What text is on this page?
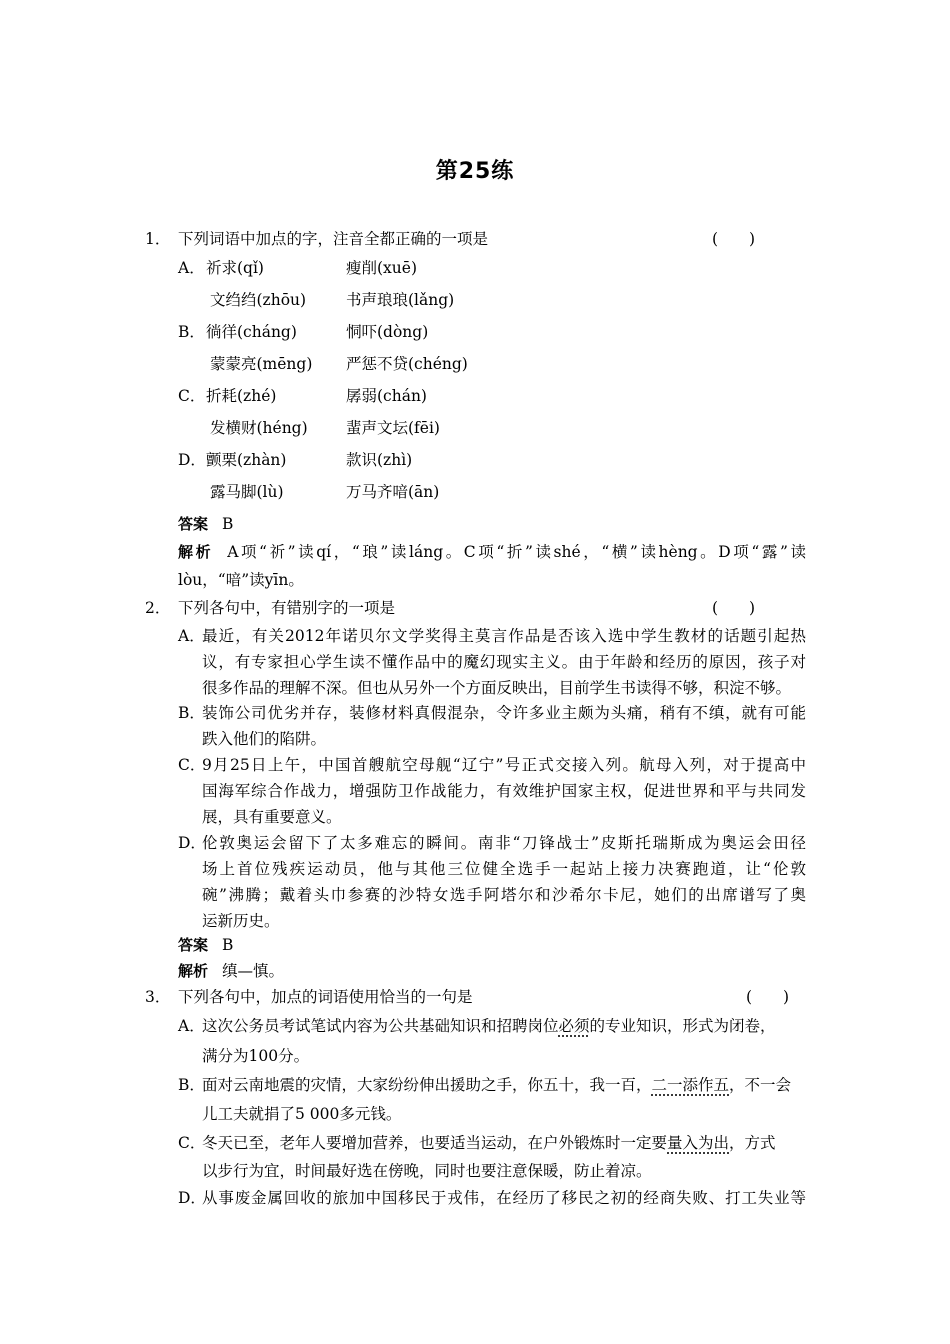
第25练
1． 下列词语中加点的字，注音全都正确的一项是	(　　)
A． 祈求(qǐ)	瘦削(xuē)
文绉绉(zhōu)	书声琅琅(lǎng)
B． 徜徉(cháng)	恫吓(dòng)
蒙蒙亮(mēng) 严惩不贷(chéng)
C． 折耗(zhé)	孱弱(chán)
发横财(héng) 蜚声文坛(fēi)
D． 颤栗(zhàn)	款识(zhì)
露马脚(lù)	万马齐喑(ān)
答案 B
解析 A项“祈”读qí，“琅”读láng。C项“折”读shé，“横”读hèng。D项“露”读
lòu，“喑”读yīn。
2． 下列各句中，有错别字的一项是	(　　)
A．
最近，有关2012年诺贝尔文学奖得主莫言作品是否该入选中学生教材的话题引起热
议，有专家担心学生读不懂作品中的魔幻现实主义。由于年龄和经历的原因，孩子对
很多作品的理解不深。但也从另外一个方面反映出，目前学生书读得不够，积淀不够。
B．
装饰公司优劣并存，装修材料真假混杂，令许多业主颇为头痛，稍有不缜，就有可能
跌入他们的陷阱。
C．
9月25日上午，中国首艘航空母舰“辽宁”号正式交接入列。航母入列，对于提高中
国海军综合作战力，增强防卫作战能力，有效维护国家主权，促进世界和平与共同发
展，具有重要意义。
D．
伦敦奥运会留下了太多难忘的瞬间。南非“刀锋战士”皮斯托瑞斯成为奥运会田径
场上首位残疾运动员，他与其他三位健全选手一起站上接力决赛跑道，让“伦敦
碗”沸腾；戴着头巾参赛的沙特女选手阿塔尔和沙希尔卡尼，她们的出席谱写了奥
运新历史。
答案 B
解析 缜—慎。
3． 下列各句中，加点的词语使用恰当的一句是	(　　)
A．
这次公务员考试笔试内容为公共基础知识和招聘岗位必须的专业知识，形式为闭卷，
满分为100分。
B．
面对云南地震的灾情，大家纷纷伸出援助之手，你五十，我一百，二一添作五，不一会
儿工夫就捐了5 000多元钱。
C．
冬天已至，老年人要增加营养，也要适当运动，在户外锻炼时一定要量入为出，方式
以步行为宜，时间最好选在傍晚，同时也要注意保暖，防止着凉。
D．
从事废金属回收的旅加中国移民于戎伟，在经历了移民之初的经商失败、打工失业等
